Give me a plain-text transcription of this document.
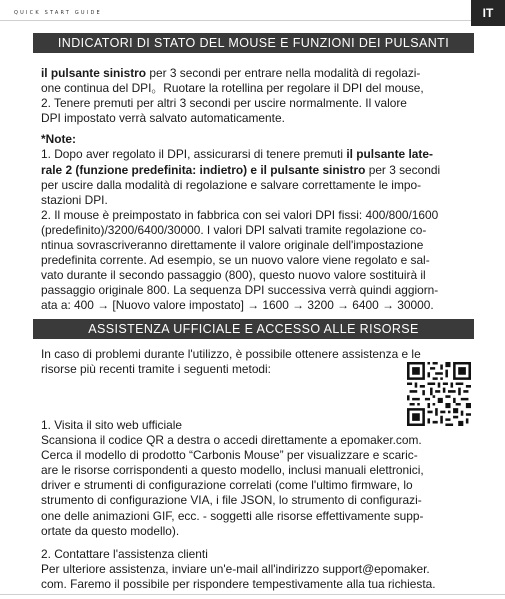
QUICK START GUIDE	IT
INDICATORI DI STATO DEL MOUSE E FUNZIONI DEI PULSANTI

il pulsante sinistro per 3 secondi per entrare nella modalità di regolazi-

one continua del DPI。Ruotare la rotellina per regolare il DPI del mouse,

2. Tenere premuti per altri 3 secondi per uscire normalmente. Il valore

DPI impostato verrà salvato automaticamente.

*Note:

1. Dopo aver regolato il DPI, assicurarsi di tenere premuti il pulsante late-

rale 2 (funzione predefinita: indietro) e il pulsante sinistro per 3 secondi

per uscire dalla modalità di regolazione e salvare correttamente le impo-

stazioni DPI.

2. Il mouse è preimpostato in fabbrica con sei valori DPI fissi: 400/800/1600

(predefinito)/3200/6400/30000. I valori DPI salvati tramite regolazione co-

ntinua sovrascriveranno direttamente il valore originale dell'impostazione

predefinita corrente. Ad esempio, se un nuovo valore viene regolato e sal-

vato durante il secondo passaggio (800), questo nuovo valore sostituirà il

passaggio originale 800. La sequenza DPI successiva verrà quindi aggiorn-

ata a: 400 → [Nuovo valore impostato] → 1600 → 3200 → 6400 → 30000.

ASSISTENZA UFFICIALE E ACCESSO ALLE RISORSE

In caso di problemi durante l'utilizzo, è possibile ottenere assistenza e le

risorse più recenti tramite i seguenti metodi:

1. Visita il sito web ufficiale

Scansiona il codice QR a destra o accedi direttamente a epomaker.com.

Cerca il modello di prodotto “Carbonis Mouse” per visualizzare e scaric-

are le risorse corrispondenti a questo modello, inclusi manuali elettronici,

driver e strumenti di configurazione correlati (come l'ultimo firmware, lo

strumento di configurazione VIA, i file JSON, lo strumento di configurazi-

one delle animazioni GIF, ecc. - soggetti alle risorse effettivamente supp-

ortate da questo modello).

2. Contattare l'assistenza clienti

Per ulteriore assistenza, inviare un'e-mail all'indirizzo support@epomaker.

com. Faremo il possibile per rispondere tempestivamente alla tua richiesta.
